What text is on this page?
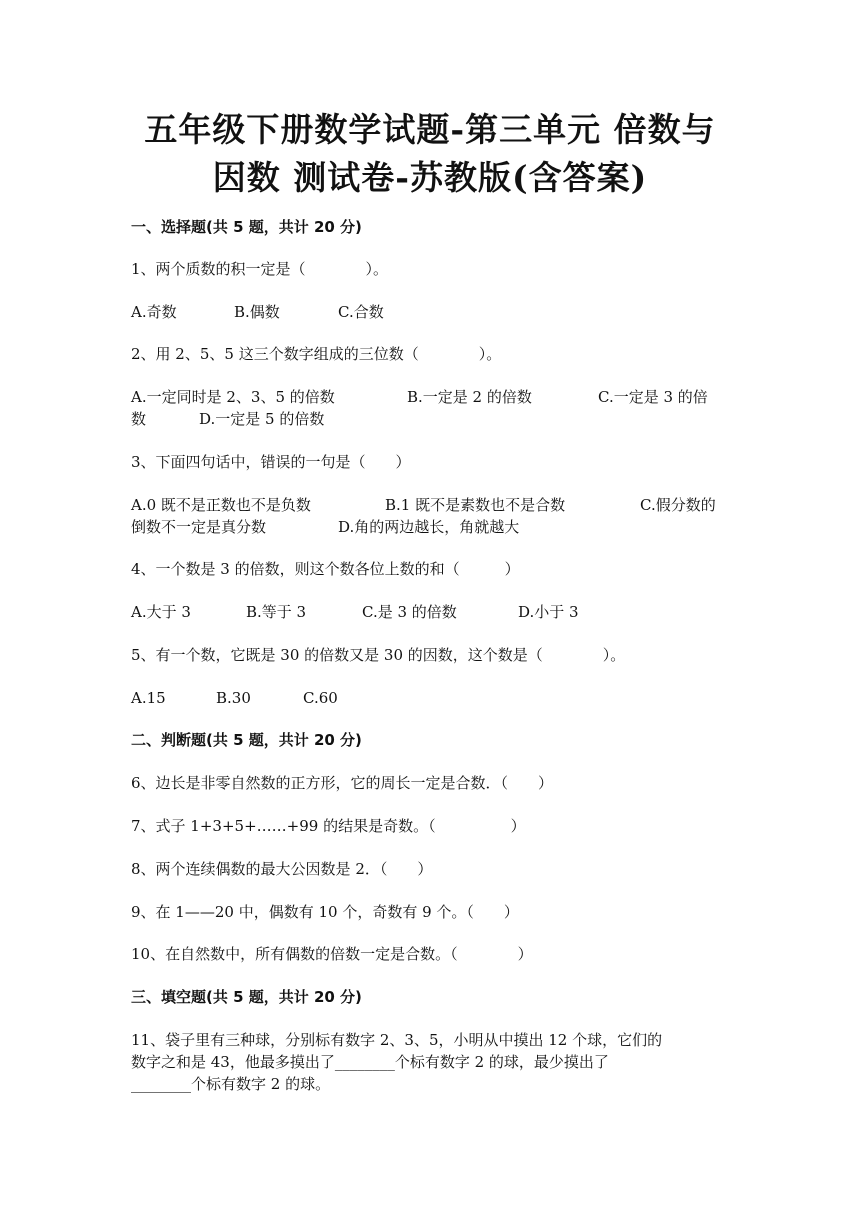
五年级下册数学试题-第三单元 倍数与
因数 测试卷-苏教版(含答案)
一、选择题(共 5 题，共计 20 分)
1、两个质数的积一定是（　　　　）。
A.奇数	B.偶数	C.合数
2、用 2、5、5 这三个数字组成的三位数（　　　　）。
A.一定同时是 2、3、5 的倍数	B.一定是 2 的倍数	C.一定是 3 的倍
数	D.一定是 5 的倍数
3、下面四句话中，错误的一句是（　　）
A.0 既不是正数也不是负数	B.1 既不是素数也不是合数	C.假分数的
倒数不一定是真分数	D.角的两边越长，角就越大
4、一个数是 3 的倍数，则这个数各位上数的和（　　　）
A.大于 3	B.等于 3	C.是 3 的倍数	D.小于 3
5、有一个数，它既是 30 的倍数又是 30 的因数，这个数是（　　　　）。
A.15	B.30	C.60
二、判断题(共 5 题，共计 20 分)
6、边长是非零自然数的正方形，它的周长一定是合数．（　　）
7、式子 1+3+5+……+99 的结果是奇数。（　　　　　）
8、两个连续偶数的最大公因数是 2．（　　）
9、在 1——20 中，偶数有 10 个，奇数有 9 个。（　　）
10、在自然数中，所有偶数的倍数一定是合数。（　　　　）
三、填空题(共 5 题，共计 20 分)
11、袋子里有三种球，分别标有数字 2、3、5，小明从中摸出 12 个球，它们的
数字之和是 43，他最多摸出了________个标有数字 2 的球，最少摸出了
________个标有数字 2 的球。
